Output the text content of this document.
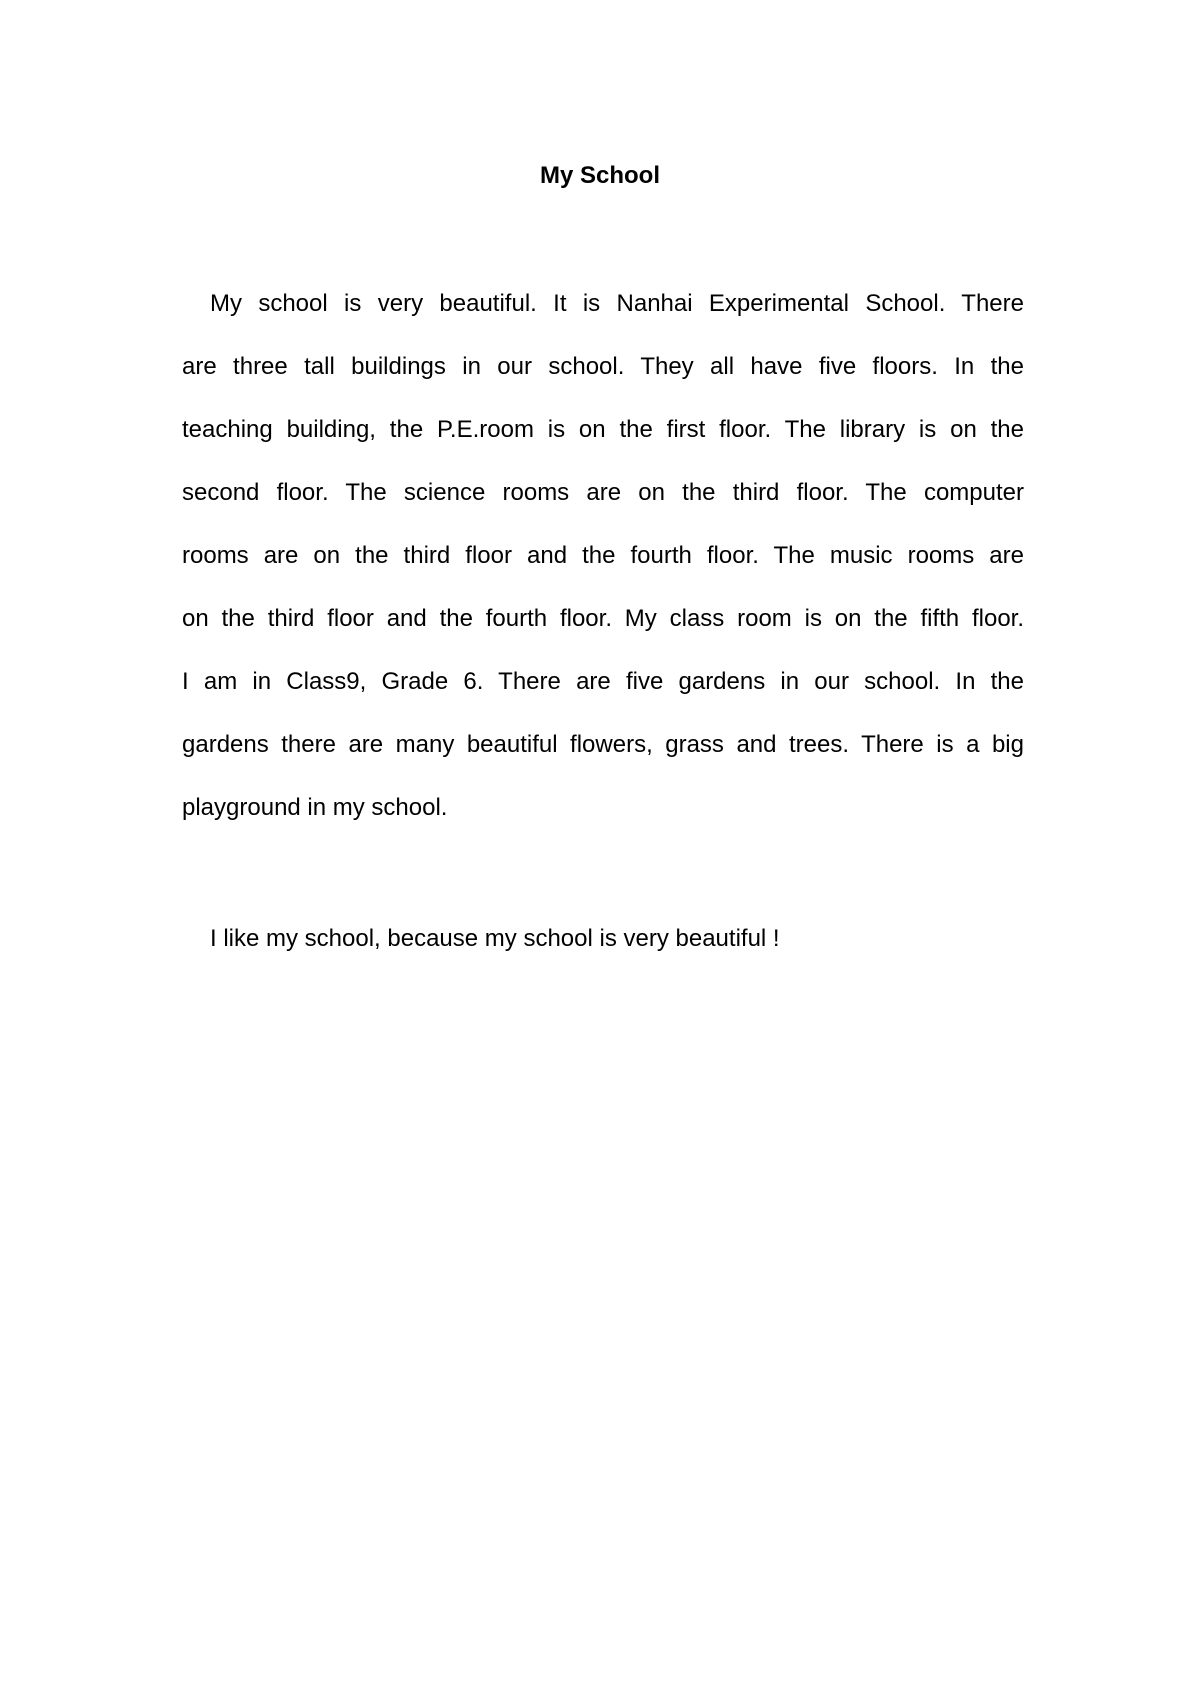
My School
My school is very beautiful. It is Nanhai Experimental School. There
are three tall buildings in our school. They all have five floors. In the
teaching building, the P.E.room is on the first floor. The library is on the
second floor. The science rooms are on the third floor. The computer
rooms are on the third floor and the fourth floor. The music rooms are
on the third floor and the fourth floor. My class room is on the fifth floor.
I am in Class9, Grade 6. There are five gardens in our school. In the
gardens there are many beautiful flowers, grass and trees. There is a big
playground in my school.
I like my school, because my school is very beautiful !
